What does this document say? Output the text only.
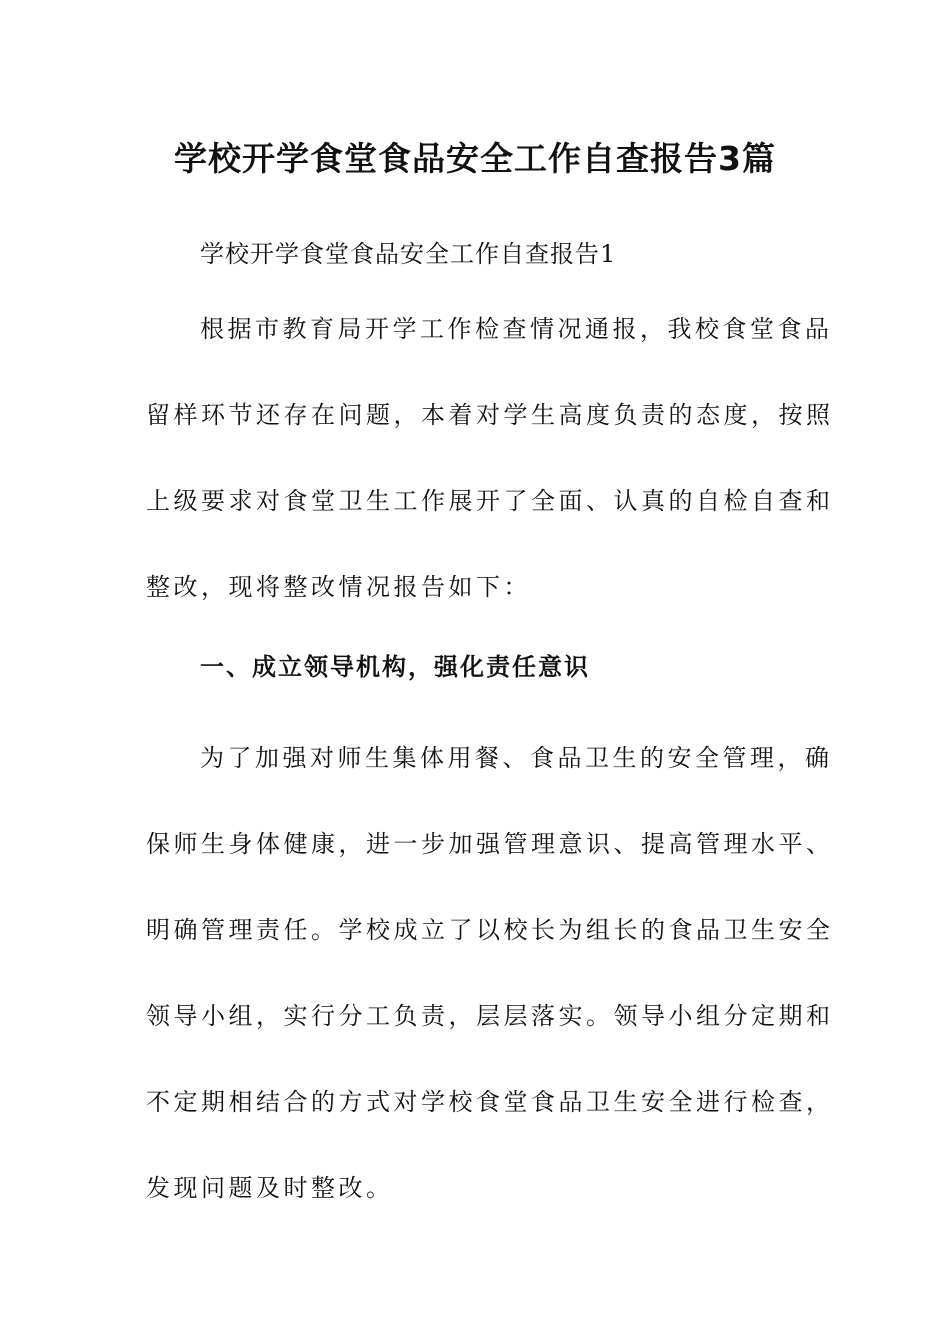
学校开学食堂食品安全工作自查报告3篇

学校开学食堂食品安全工作自查报告1

根据市教育局开学工作检查情况通报，我校食堂食品
留样环节还存在问题，本着对学生高度负责的态度，按照
上级要求对食堂卫生工作展开了全面、认真的自检自查和
整改，现将整改情况报告如下：
一、成立领导机构，强化责任意识
为了加强对师生集体用餐、食品卫生的安全管理，确
保师生身体健康，进一步加强管理意识、提高管理水平、
明确管理责任。学校成立了以校长为组长的食品卫生安全
领导小组，实行分工负责，层层落实。领导小组分定期和
不定期相结合的方式对学校食堂食品卫生安全进行检查，
发现问题及时整改。
